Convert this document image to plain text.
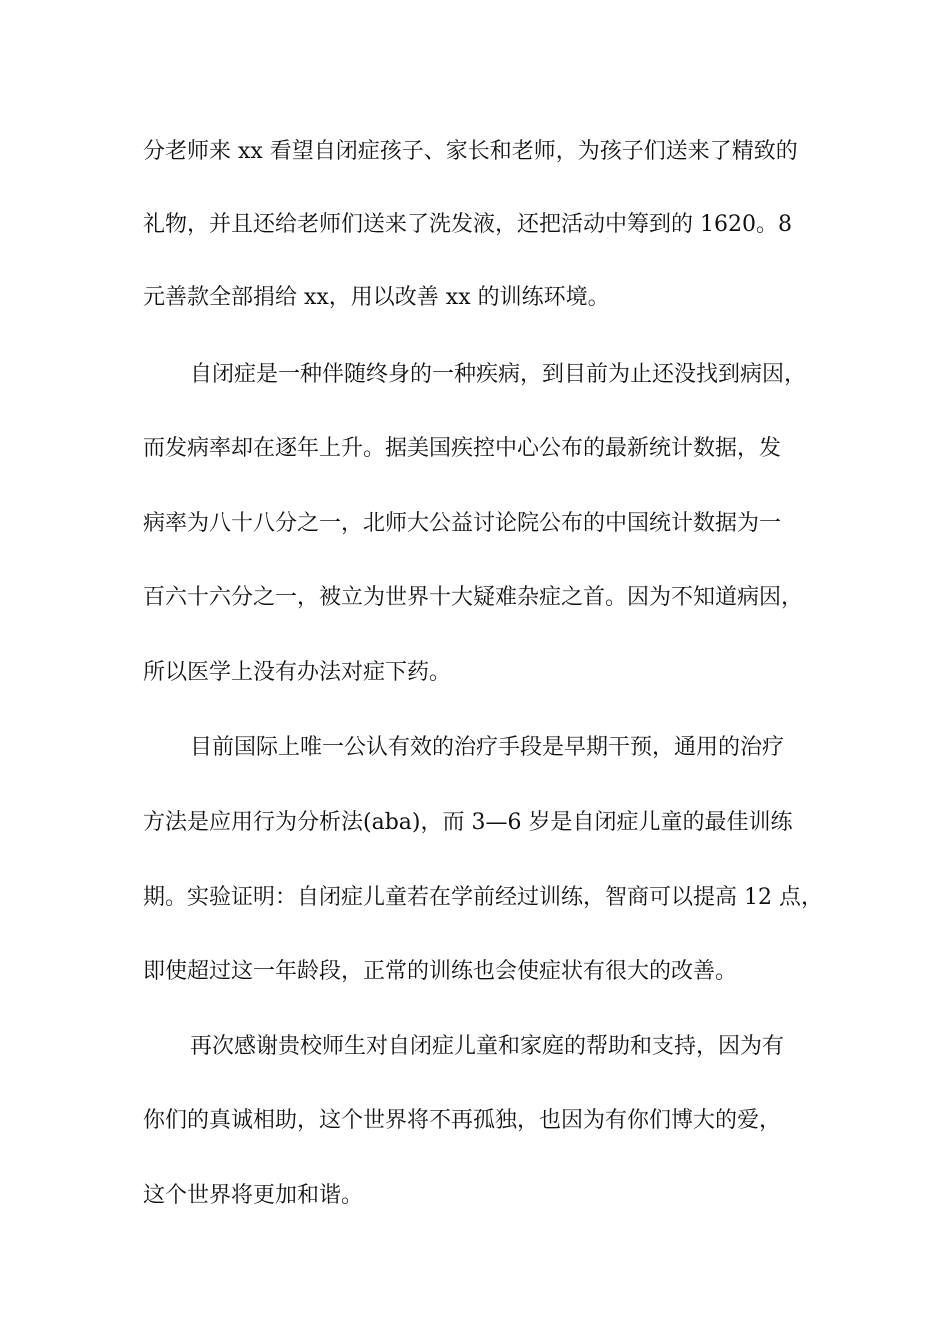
分老师来 xx 看望自闭症孩子、家长和老师，为孩子们送来了精致的

礼物，并且还给老师们送来了洗发液，还把活动中筹到的 1620。8

元善款全部捐给 xx，用以改善 xx 的训练环境。

自闭症是一种伴随终身的一种疾病，到目前为止还没找到病因，

而发病率却在逐年上升。据美国疾控中心公布的最新统计数据，发

病率为八十八分之一，北师大公益讨论院公布的中国统计数据为一

百六十六分之一，被立为世界十大疑难杂症之首。因为不知道病因，

所以医学上没有办法对症下药。

目前国际上唯一公认有效的治疗手段是早期干预，通用的治疗

方法是应用行为分析法(aba)，而 3—6 岁是自闭症儿童的最佳训练

期。实验证明：自闭症儿童若在学前经过训练，智商可以提高 12 点，

即使超过这一年龄段，正常的训练也会使症状有很大的改善。

再次感谢贵校师生对自闭症儿童和家庭的帮助和支持，因为有

你们的真诚相助，这个世界将不再孤独，也因为有你们博大的爱，

这个世界将更加和谐。
